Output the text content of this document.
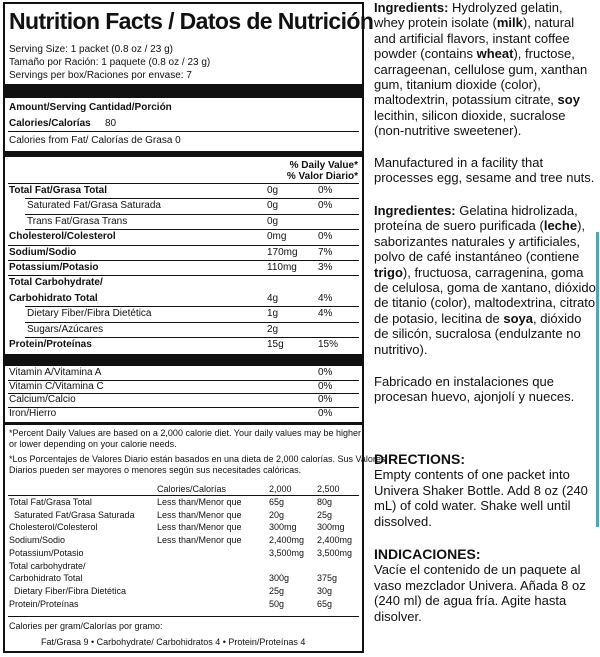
Nutrition Facts / Datos de Nutrición
Serving Size: 1 packet (0.8 oz / 23 g)
Tamaño por Ración: 1 paquete (0.8 oz / 23 g)
Servings per box/Raciones por envase: 7
Amount/Serving Cantidad/Porción
Calories/Calorías 80
Calories from Fat/ Calorías de Grasa 0
% Daily Value*
% Valor Diario*
Total Fat/Grasa Total	0g	0%
Saturated Fat/Grasa Saturada	0g	0%
Trans Fat/Grasa Trans	0g
Cholesterol/Colesterol	0mg	0%
Sodium/Sodio	170mg 7%
Potassium/Potasio	110mg 3%
Total Carbohydrate/
Carbohidrato Total	4g	4%
Dietary Fiber/Fibra Dietética	1g	4%
Sugars/Azúcares	2g
Protein/Proteínas	15g	15%
Vitamin A/Vitamina A	0%
Vitamin C/Vitamina C	0%
Calcium/Calcio	0%
Iron/Hierro	0%
*Percent Daily Values are based on a 2,000 calorie diet. Your daily values may be higher
or lower depending on your calorie needs.
*Los Porcentajes de Valores Diario están basados en una dieta de 2,000 calorías. Sus Valores
Diarios pueden ser mayores o menores según sus necesitades calóricas.
Calories/Calorías	2,000	2,500
Total Fat/Grasa Total	Less than/Menor que	65g	80g
Saturated Fat/Grasa Saturada Less than/Menor que	20g	25g
Cholesterol/Colesterol	Less than/Menor que	300mg 300mg
Sodium/Sodio	Less than/Menor que	2,400mg 2,400mg
Potassium/Potasio	3,500mg 3,500mg
Total carbohydrate/
Carbohidrato Total	300g	375g
Dietary Fiber/Fibra Dietética	25g	30g
Protein/Proteínas	50g	65g
Calories per gram/Calorías por gramo:
Fat/Grasa 9 • Carbohydrate/ Carbohidratos 4 • Protein/Proteínas 4
Ingredients: Hydrolyzed gelatin, whey protein isolate (milk), natural and artificial flavors, instant coffee powder (contains wheat), fructose, carrageenan, cellulose gum, xanthan gum, titanium dioxide (color), maltodextrin, potassium citrate, soy lecithin, silicon dioxide, sucralose (non-nutritive sweetener).
Manufactured in a facility that processes egg, sesame and tree nuts.
Ingredientes: Gelatina hidrolizada, proteína de suero purificada (leche), saborizantes naturales y artificiales, polvo de café instantáneo (contiene trigo), fructuosa, carragenina, goma de celulosa, goma de xantano, dióxido de titanio (color), maltodextrina, citrato de potasio, lecitina de soya, dióxido de silicón, sucralosa (endulzante no nutritivo).
Fabricado en instalaciones que procesan huevo, ajonjolí y nueces.
DIRECTIONS:
Empty contents of one packet into Univera Shaker Bottle. Add 8 oz (240 mL) of cold water. Shake well until dissolved.
INDICACIONES:
Vacíe el contenido de un paquete al vaso mezclador Univera. Añada 8 oz (240 ml) de agua fría. Agite hasta disolver.
